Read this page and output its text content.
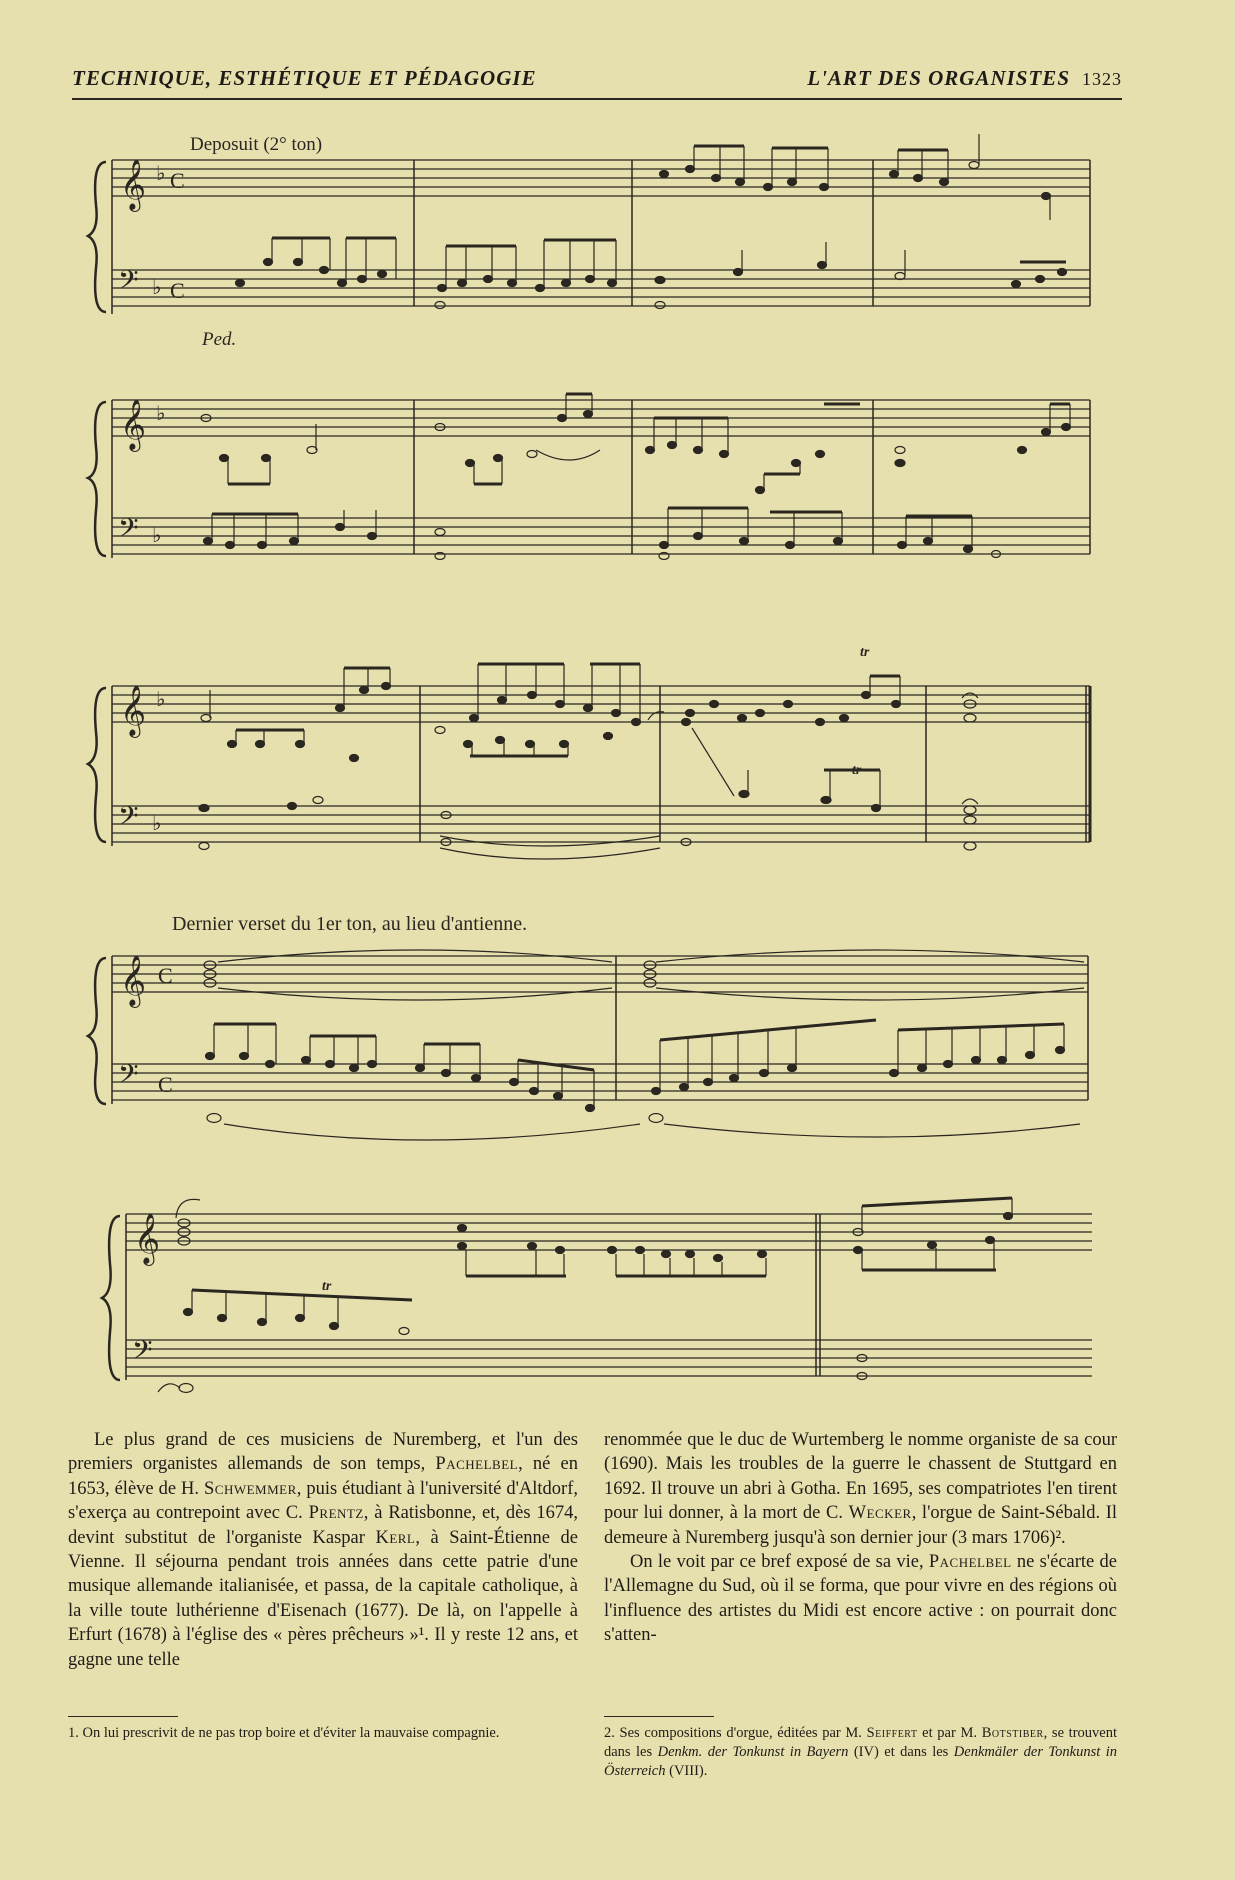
TECHNIQUE, ESTHÉTIQUE ET PÉDAGOGIE	L'ART DES ORGANISTES 1323
𝄞
𝄢
♭
♭
C
C
Deposuit (2° ton)
Ped.
𝄞
𝄢
♭
♭
𝄞
𝄢
♭
♭
tr
tr
Dernier verset du 1er ton, au lieu d'antienne.
𝄞
𝄢
C
C
𝄞
𝄢
tr

Le plus grand de ces musiciens de Nuremberg, et l'un des premiers organistes allemands de son temps, Pachelbel, né en 1653, élève de H. Schwemmer, puis étudiant à l'université d'Altdorf, s'exerça au contrepoint avec C. Prentz, à Ratisbonne, et, dès 1674, devint substitut de l'organiste Kaspar Kerl, à Saint-Étienne de Vienne. Il séjourna pendant trois années dans cette patrie d'une musique allemande italianisée, et passa, de la capitale catholique, à la ville toute luthérienne d'Eisenach (1677). De là, on l'appelle à Erfurt (1678) à l'église des « pères prêcheurs »¹. Il y reste 12 ans, et gagne une telle

1. On lui prescrivit de ne pas trop boire et d'éviter la mauvaise compagnie.

renommée que le duc de Wurtemberg le nomme organiste de sa cour (1690). Mais les troubles de la guerre le chassent de Stuttgard en 1692. Il trouve un abri à Gotha. En 1695, ses compatriotes l'en tirent pour lui donner, à la mort de C. Wecker, l'orgue de Saint-Sébald. Il demeure à Nuremberg jusqu'à son dernier jour (3 mars 1706)².

On le voit par ce bref exposé de sa vie, Pachelbel ne s'écarte de l'Allemagne du Sud, où il se forma, que pour vivre en des régions où l'influence des artistes du Midi est encore active : on pourrait donc s'atten-

2. Ses compositions d'orgue, éditées par M. Seiffert et par M. Botstiber, se trouvent dans les Denkm. der Tonkunst in Bayern (IV) et dans les Denkmäler der Tonkunst in Österreich (VIII).
